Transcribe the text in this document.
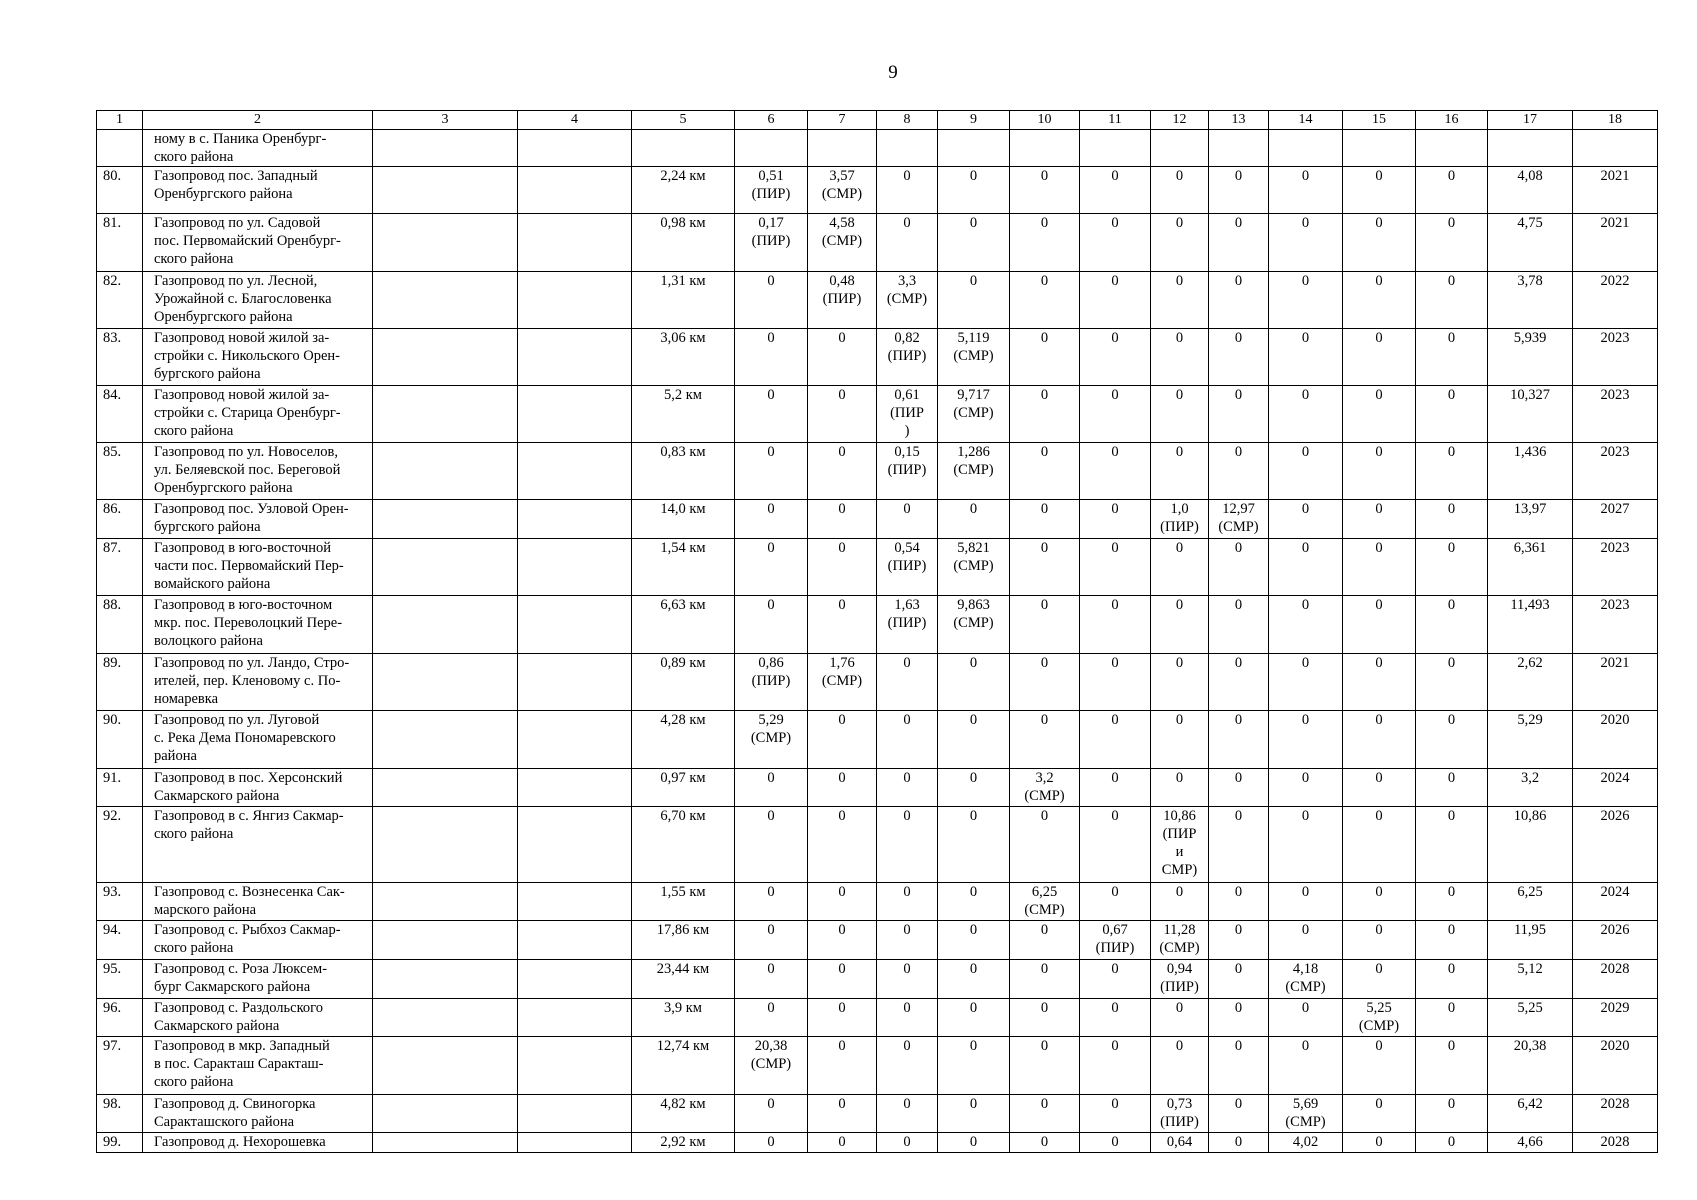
9
1	2	3	4	5	6	7	8	9	10	11	12	13	14	15	16	17	18
	ному в с. Паника Оренбург-
ского района																
80.	Газопровод пос. Западный
Оренбургского района			2,24 км	0,51
(ПИР)	3,57
(СМР)	0	0	0	0	0	0	0	0	0	4,08	2021
81.	Газопровод по ул. Садовой
пос. Первомайский Оренбург-
ского района			0,98 км	0,17
(ПИР)	4,58
(СМР)	0	0	0	0	0	0	0	0	0	4,75	2021
82.	Газопровод по ул. Лесной,
Урожайной с. Благословенка
Оренбургского района			1,31 км	0	0,48
(ПИР)	3,3
(СМР)	0	0	0	0	0	0	0	0	3,78	2022
83.	Газопровод новой жилой за-
стройки с. Никольского Орен-
бургского района			3,06 км	0	0	0,82
(ПИР)	5,119
(СМР)	0	0	0	0	0	0	0	5,939	2023
84.	Газопровод новой жилой за-
стройки с. Старица Оренбург-
ского района			5,2 км	0	0	0,61
(ПИР
)	9,717
(СМР)	0	0	0	0	0	0	0	10,327	2023
85.	Газопровод по ул. Новоселов,
ул. Беляевской пос. Береговой
Оренбургского района			0,83 км	0	0	0,15
(ПИР)	1,286
(СМР)	0	0	0	0	0	0	0	1,436	2023
86.	Газопровод пос. Узловой Орен-
бургского района			14,0 км	0	0	0	0	0	0	1,0
(ПИР)	12,97
(СМР)	0	0	0	13,97	2027
87.	Газопровод в юго-восточной
части пос. Первомайский Пер-
вомайского района			1,54 км	0	0	0,54
(ПИР)	5,821
(СМР)	0	0	0	0	0	0	0	6,361	2023
88.	Газопровод в юго-восточном
мкр. пос. Переволоцкий Пере-
волоцкого района			6,63 км	0	0	1,63
(ПИР)	9,863
(СМР)	0	0	0	0	0	0	0	11,493	2023
89.	Газопровод по ул. Ландо, Стро-
ителей, пер. Кленовому с. По-
номаревка			0,89 км	0,86
(ПИР)	1,76
(СМР)	0	0	0	0	0	0	0	0	0	2,62	2021
90.	Газопровод по ул. Луговой
с. Река Дема Пономаревского
района			4,28 км	5,29
(СМР)	0	0	0	0	0	0	0	0	0	0	5,29	2020
91.	Газопровод в пос. Херсонский
Сакмарского района			0,97 км	0	0	0	0	3,2
(СМР)	0	0	0	0	0	0	3,2	2024
92.	Газопровод в с. Янгиз Сакмар-
ского района			6,70 км	0	0	0	0	0	0	10,86
(ПИР
и
СМР)	0	0	0	0	10,86	2026
93.	Газопровод с. Вознесенка Сак-
марского района			1,55 км	0	0	0	0	6,25
(СМР)	0	0	0	0	0	0	6,25	2024
94.	Газопровод с. Рыбхоз Сакмар-
ского района			17,86 км	0	0	0	0	0	0,67
(ПИР)	11,28
(СМР)	0	0	0	0	11,95	2026
95.	Газопровод с. Роза Люксем-
бург Сакмарского района			23,44 км	0	0	0	0	0	0	0,94
(ПИР)	0	4,18
(СМР)	0	0	5,12	2028
96.	Газопровод с. Раздольского
Сакмарского района			3,9 км	0	0	0	0	0	0	0	0	0	5,25
(СМР)	0	5,25	2029
97.	Газопровод в мкр. Западный
в пос. Саракташ Саракташ-
ского района			12,74 км	20,38
(СМР)	0	0	0	0	0	0	0	0	0	0	20,38	2020
98.	Газопровод д. Свиногорка
Саракташского района			4,82 км	0	0	0	0	0	0	0,73
(ПИР)	0	5,69
(СМР)	0	0	6,42	2028
99.	Газопровод д. Нехорошевка			2,92 км	0	0	0	0	0	0	0,64	0	4,02	0	0	4,66	2028
